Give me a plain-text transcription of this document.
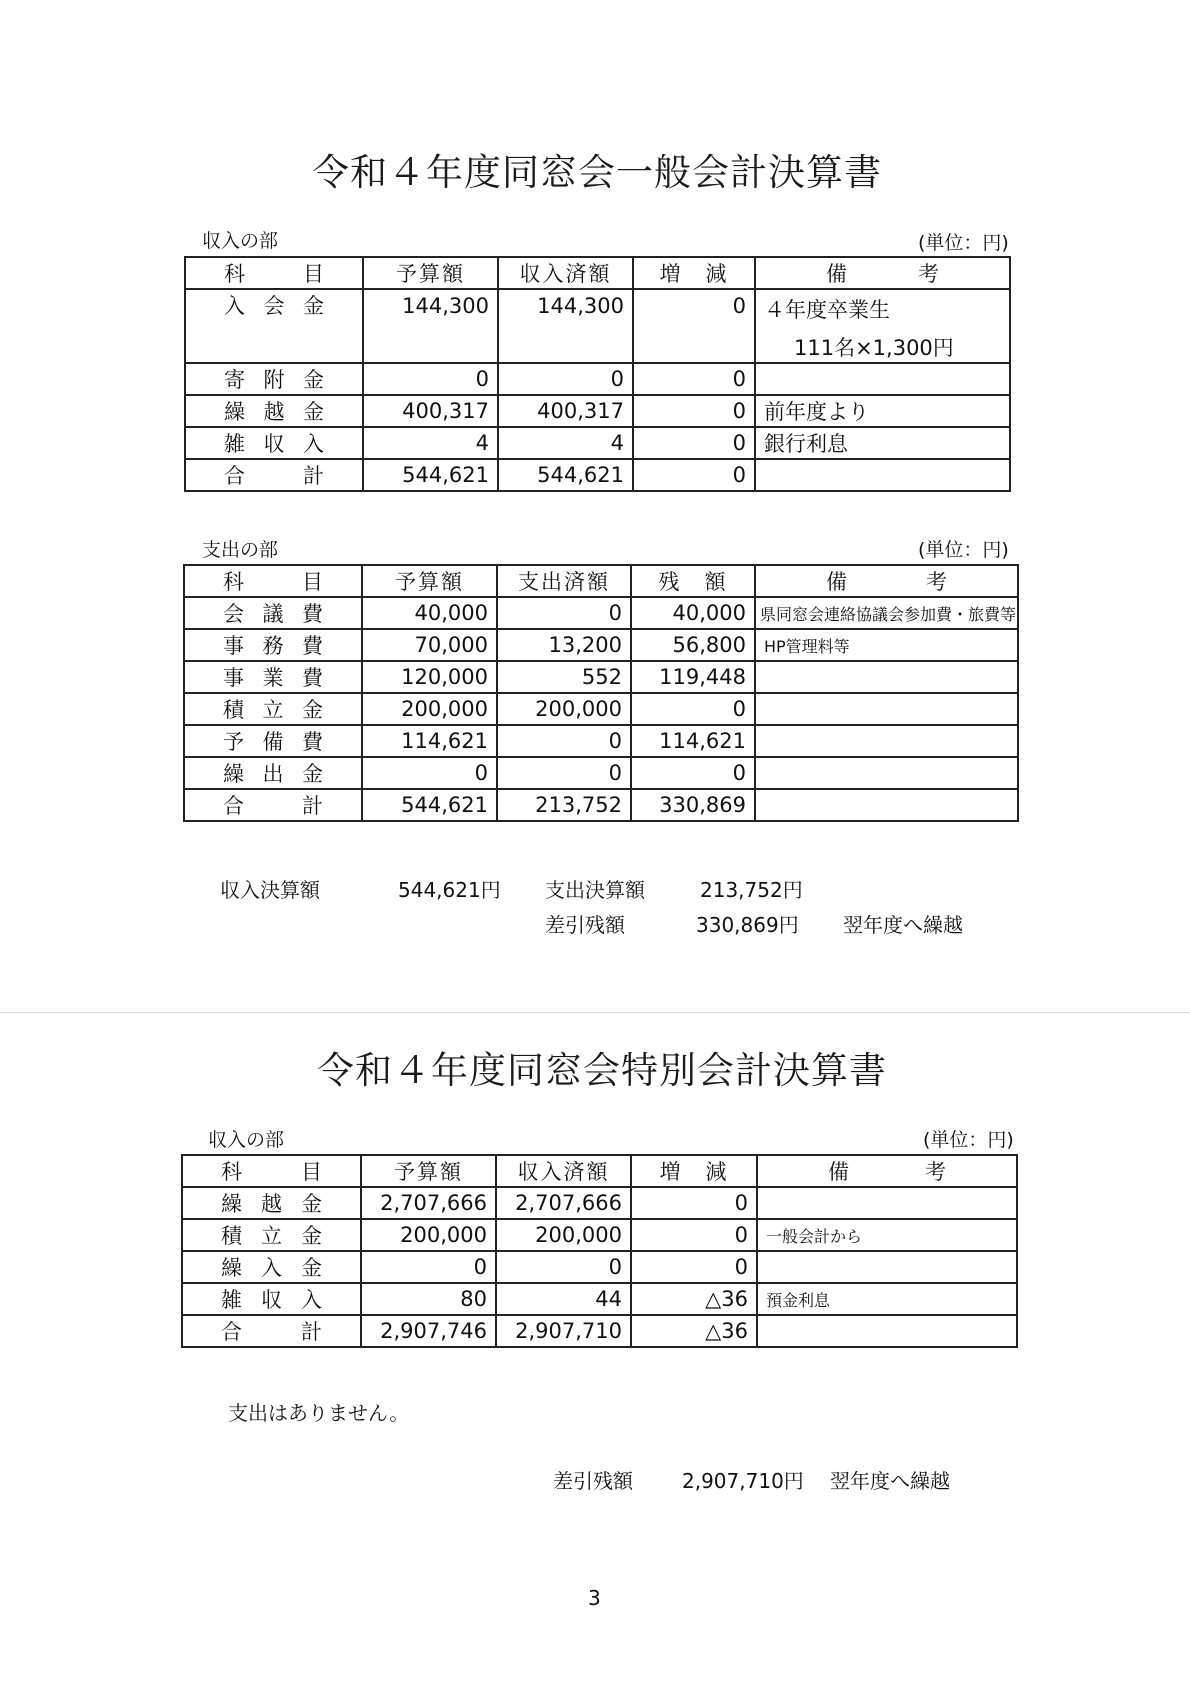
令和４年度同窓会一般会計決算書
収入の部	(単位：円)
科　目	予算額	収入済額	増　減	備　考
入会金	144,300	144,300	0	４年度卒業生
111名×1,300円

寄附金	0	0	0	
繰越金	400,317	400,317	0	前年度より
雑収入	4	4	0	銀行利息
合計	544,621	544,621	0	
支出の部	(単位：円)
科　目	予算額	支出済額	残　額	備　考
会議費	40,000	0	40,000	県同窓会連絡協議会参加費・旅費等
事務費	70,000	13,200	56,800	HP管理料等
事業費	120,000	552	119,448	
積立金	200,000	200,000	0	
予備費	114,621	0	114,621	
繰出金	0	0	0	
合計	544,621	213,752	330,869	
収入決算額	544,621円 支出決算額	213,752円
差引残額	330,869円 翌年度へ繰越
令和４年度同窓会特別会計決算書
収入の部	(単位：円)
科　目	予算額	収入済額	増　減	備　考
繰越金	2,707,666	2,707,666	0	
積立金	200,000	200,000	0	一般会計から
繰入金	0	0	0	
雑収入	80	44	△36	預金利息
合計	2,907,746	2,907,710	△36	
支出はありません。
差引残額 2,907,710円 翌年度へ繰越
3
